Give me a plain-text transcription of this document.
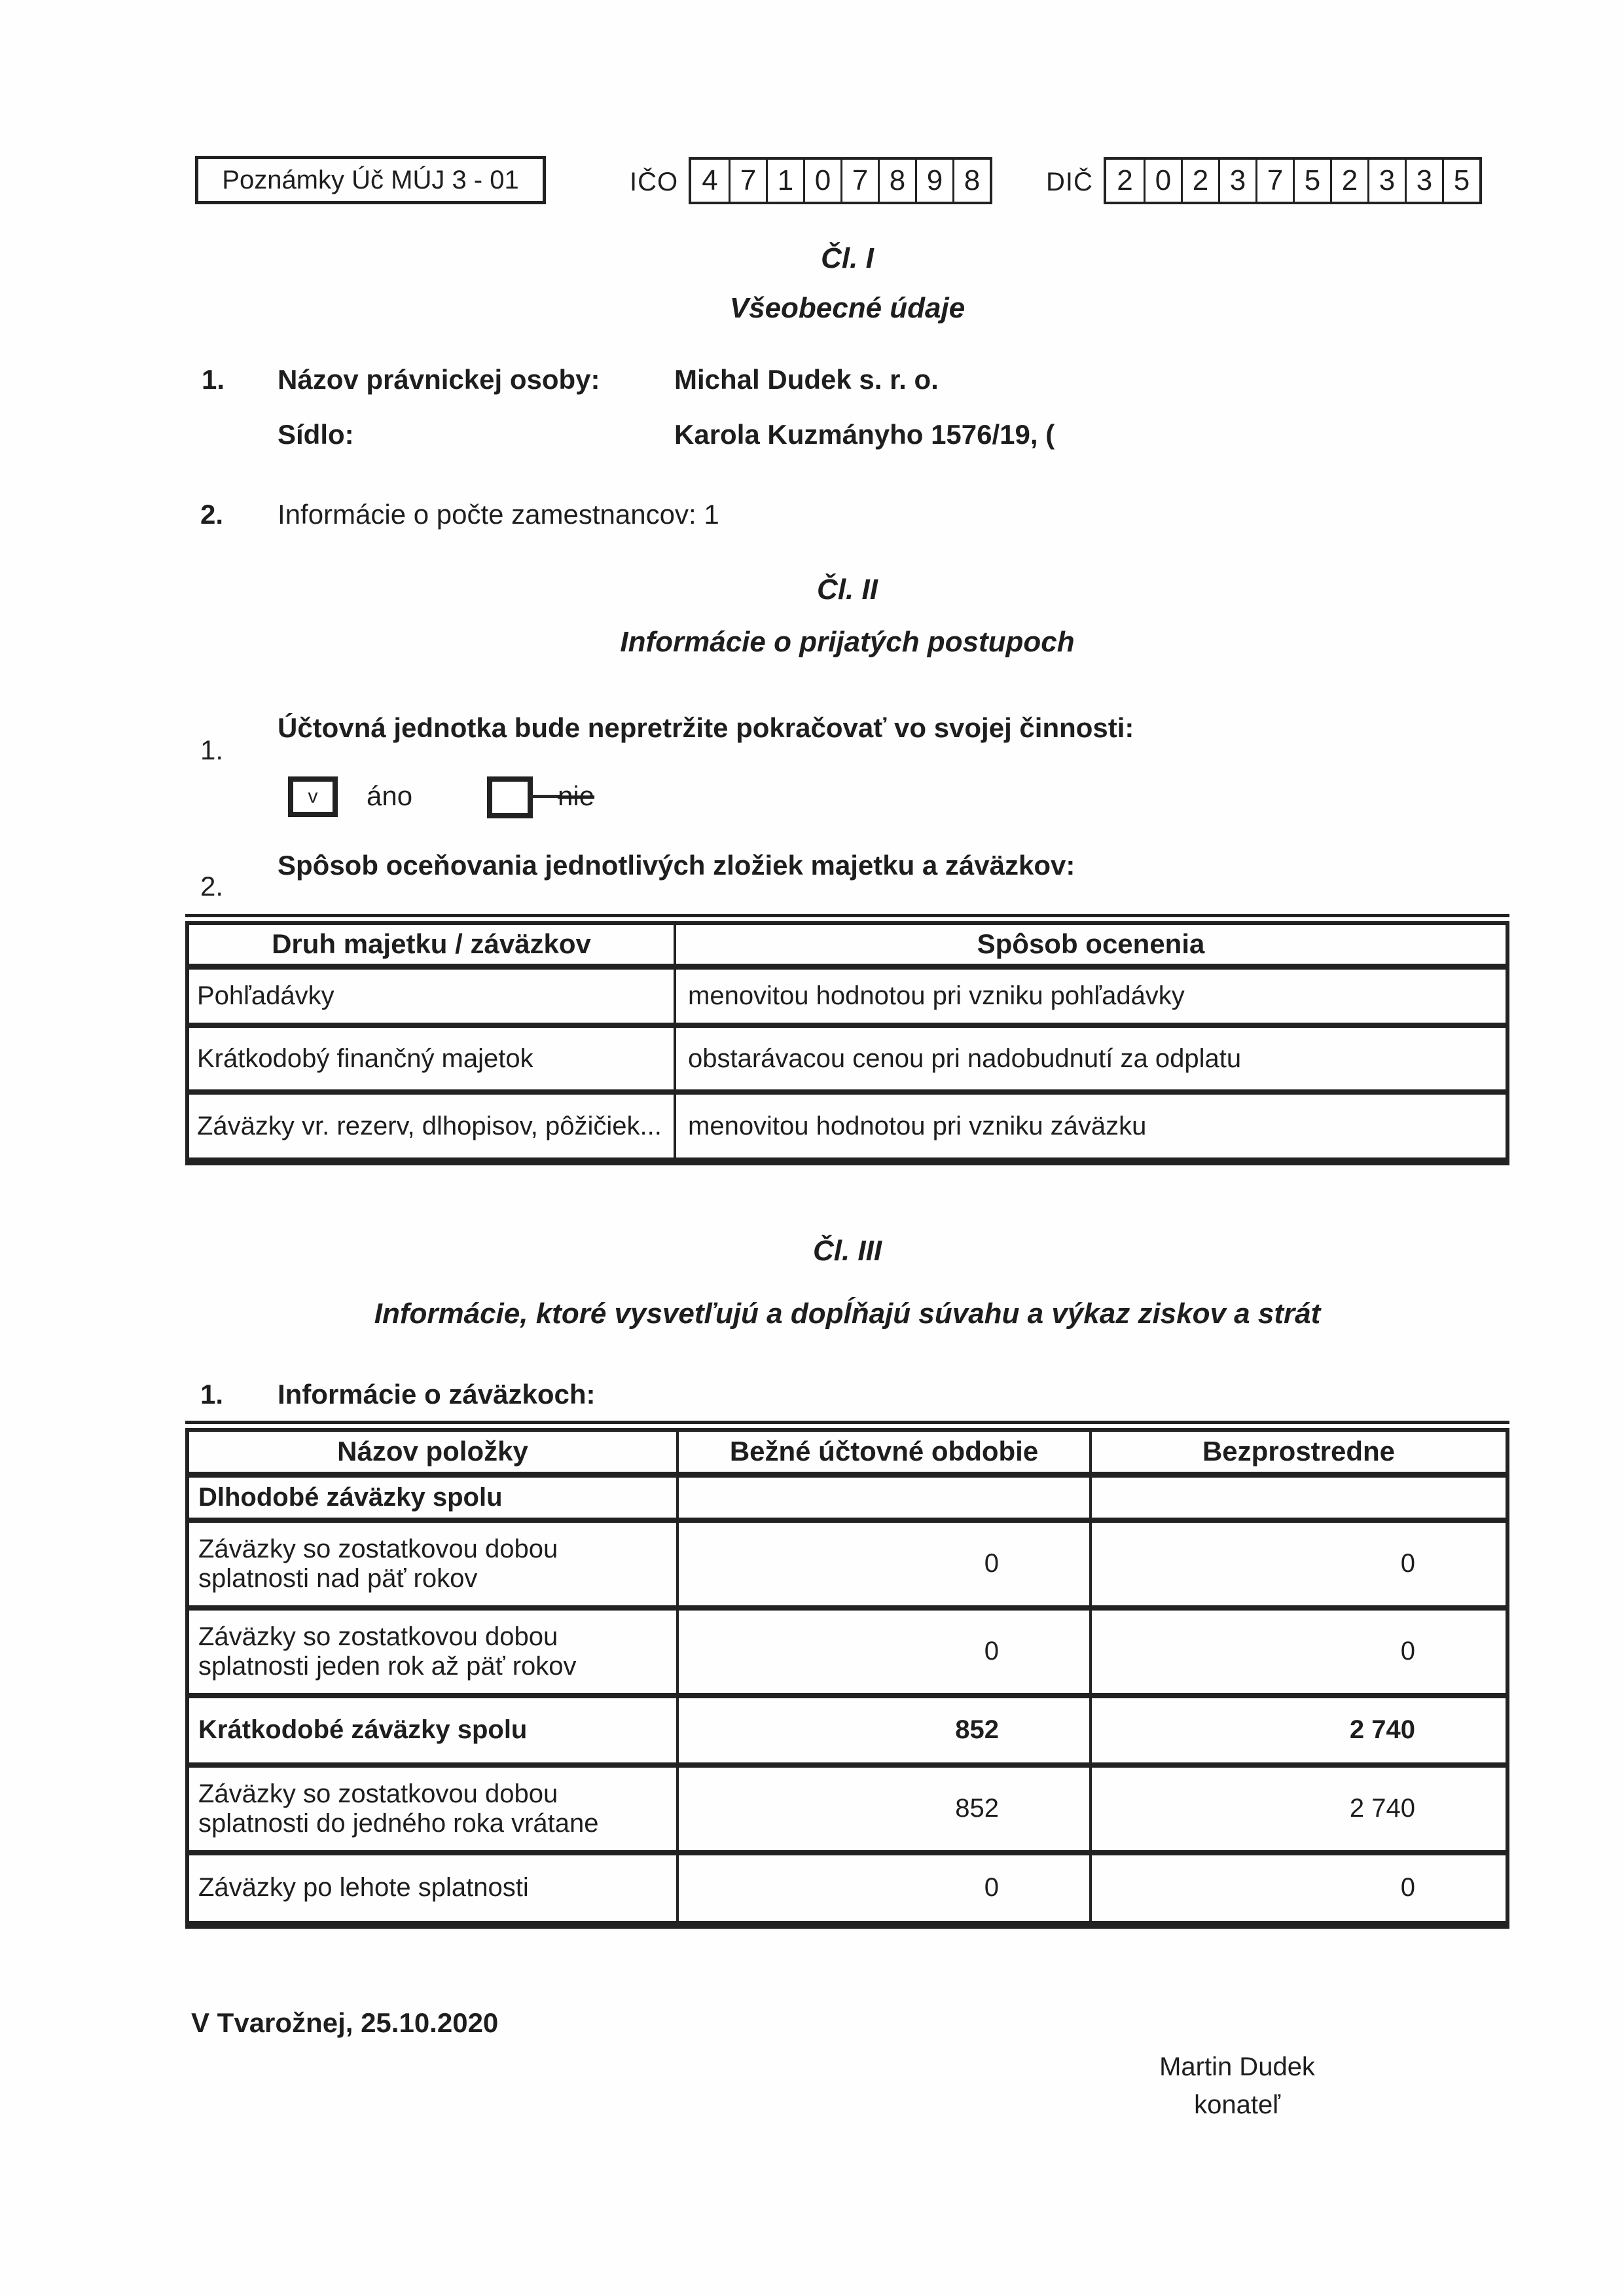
Poznámky Úč MÚJ 3 - 01	IČO 4 7 1 0 7 8 9 8	DIČ 2 0 2 3 7 5 2 3 3 5
Čl. I
Všeobecné údaje
1. Názov právnickej osoby:	Michal Dudek s. r. o.
Sídlo:	Karola Kuzmányho 1576/19, (
2. Informácie o počte zamestnancov: 1
Čl. II
Informácie o prijatých postupoch
1.
Účtovná jednotka bude nepretržite pokračovať vo svojej činnosti:
v áno	nie
2.
Spôsob oceňovania jednotlivých zložiek majetku a záväzkov:
Druh majetku / záväzkov	Spôsob ocenenia
Pohľadávky	menovitou hodnotou pri vzniku pohľadávky
Krátkodobý finančný majetok	obstarávacou cenou pri nadobudnutí za odplatu
Záväzky vr. rezerv, dlhopisov, pôžičiek...	menovitou hodnotou pri vzniku záväzku
Čl. III
Informácie, ktoré vysvetľujú a dopĺňajú súvahu a výkaz ziskov a strát
1. Informácie o záväzkoch:
Názov položky	Bežné účtovné obdobie	Bezprostredne
Dlhodobé záväzky spolu		
Záväzky so zostatkovou dobou splatnosti nad päť rokov	0	0
Záväzky so zostatkovou dobou splatnosti jeden rok až päť rokov	0	0
Krátkodobé záväzky spolu	852	2 740
Záväzky so zostatkovou dobou splatnosti do jedného roka vrátane	852	2 740
Záväzky po lehote splatnosti	0	0
V Tvarožnej, 25.10.2020
Martin Dudek
konateľ
